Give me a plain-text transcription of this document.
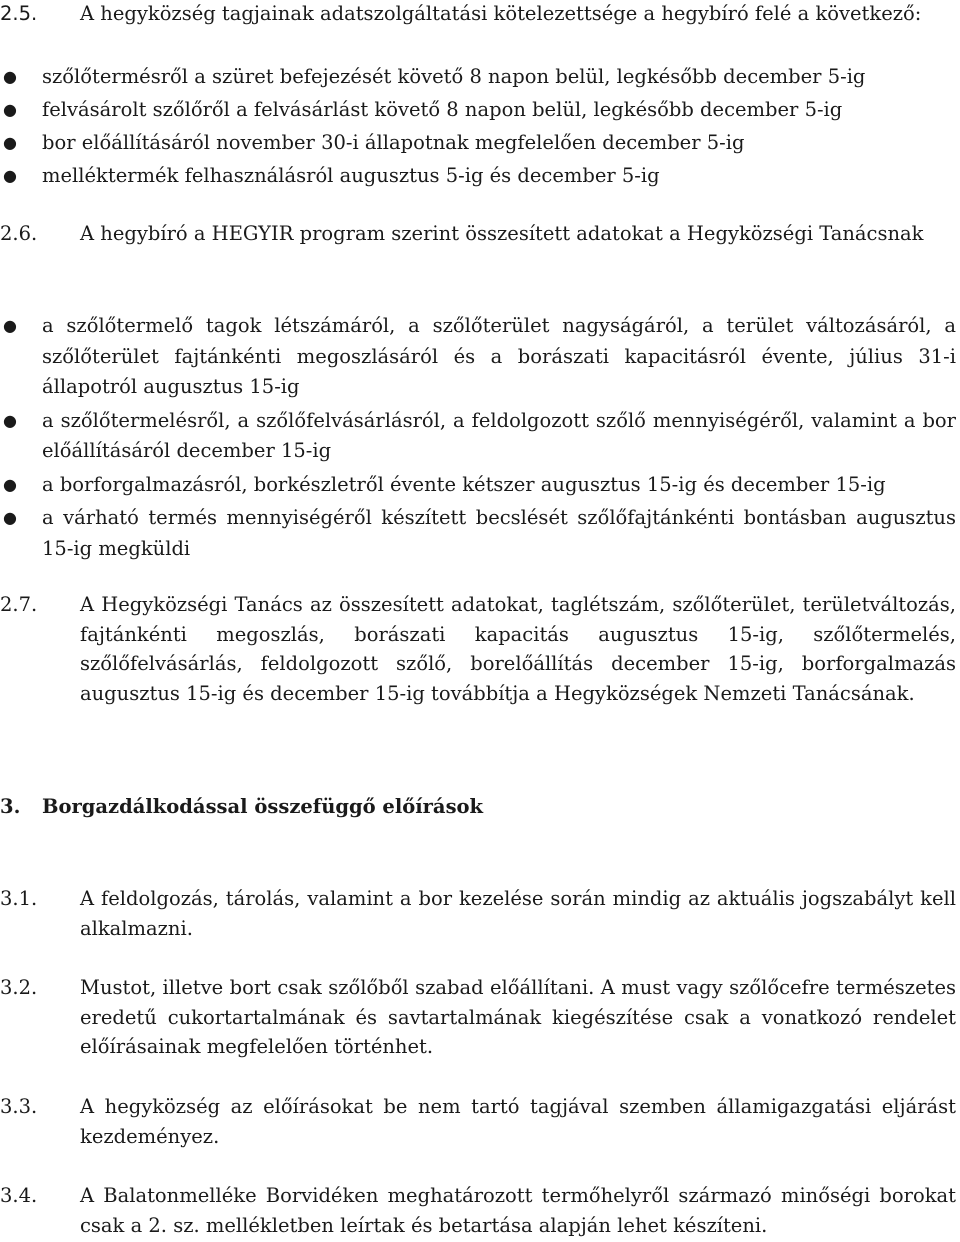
2.5. A hegyközség tagjainak adatszolgáltatási kötelezettsége a hegybíró felé a következő:
● szőlőtermésről a szüret befejezését követő 8 napon belül, legkésőbb december 5-ig
● felvásárolt szőlőről a felvásárlást követő 8 napon belül, legkésőbb december 5-ig
● bor előállításáról november 30-i állapotnak megfelelően december 5-ig
● melléktermék felhasználásról augusztus 5-ig és december 5-ig
2.6. A hegybíró a HEGYIR program szerint összesített adatokat a Hegyközségi Tanácsnak
● a szőlőtermelő tagok létszámáról, a szőlőterület nagyságáról, a terület változásáról, a szőlőterület fajtánkénti megoszlásáról és a borászati kapacitásról évente, július 31-i állapotról augusztus 15-ig
● a szőlőtermelésről, a szőlőfelvásárlásról, a feldolgozott szőlő mennyiségéről, valamint a bor előállításáról december 15-ig
● a borforgalmazásról, borkészletről évente kétszer augusztus 15-ig és december 15-ig
● a várható termés mennyiségéről készített becslését szőlőfajtánkénti bontásban augusztus 15-ig megküldi
2.7. A Hegyközségi Tanács az összesített adatokat, taglétszám, szőlőterület, területváltozás, fajtánkénti megoszlás, borászati kapacitás augusztus 15-ig, szőlőtermelés, szőlőfelvásárlás, feldolgozott szőlő, borelőállítás december 15-ig, borforgalmazás augusztus 15-ig és december 15-ig továbbítja a Hegyközségek Nemzeti Tanácsának.
3. Borgazdálkodással összefüggő előírások
3.1. A feldolgozás, tárolás, valamint a bor kezelése során mindig az aktuális jogszabályt kell alkalmazni.
3.2. Mustot, illetve bort csak szőlőből szabad előállítani. A must vagy szőlőcefre természetes eredetű cukortartalmának és savtartalmának kiegészítése csak a vonatkozó rendelet előírásainak megfelelően történhet.
3.3. A hegyközség az előírásokat be nem tartó tagjával szemben államigazgatási eljárást kezdeményez.
3.4. A Balatonmelléke Borvidéken meghatározott termőhelyről származó minőségi borokat csak a 2. sz. mellékletben leírtak és betartása alapján lehet készíteni.
